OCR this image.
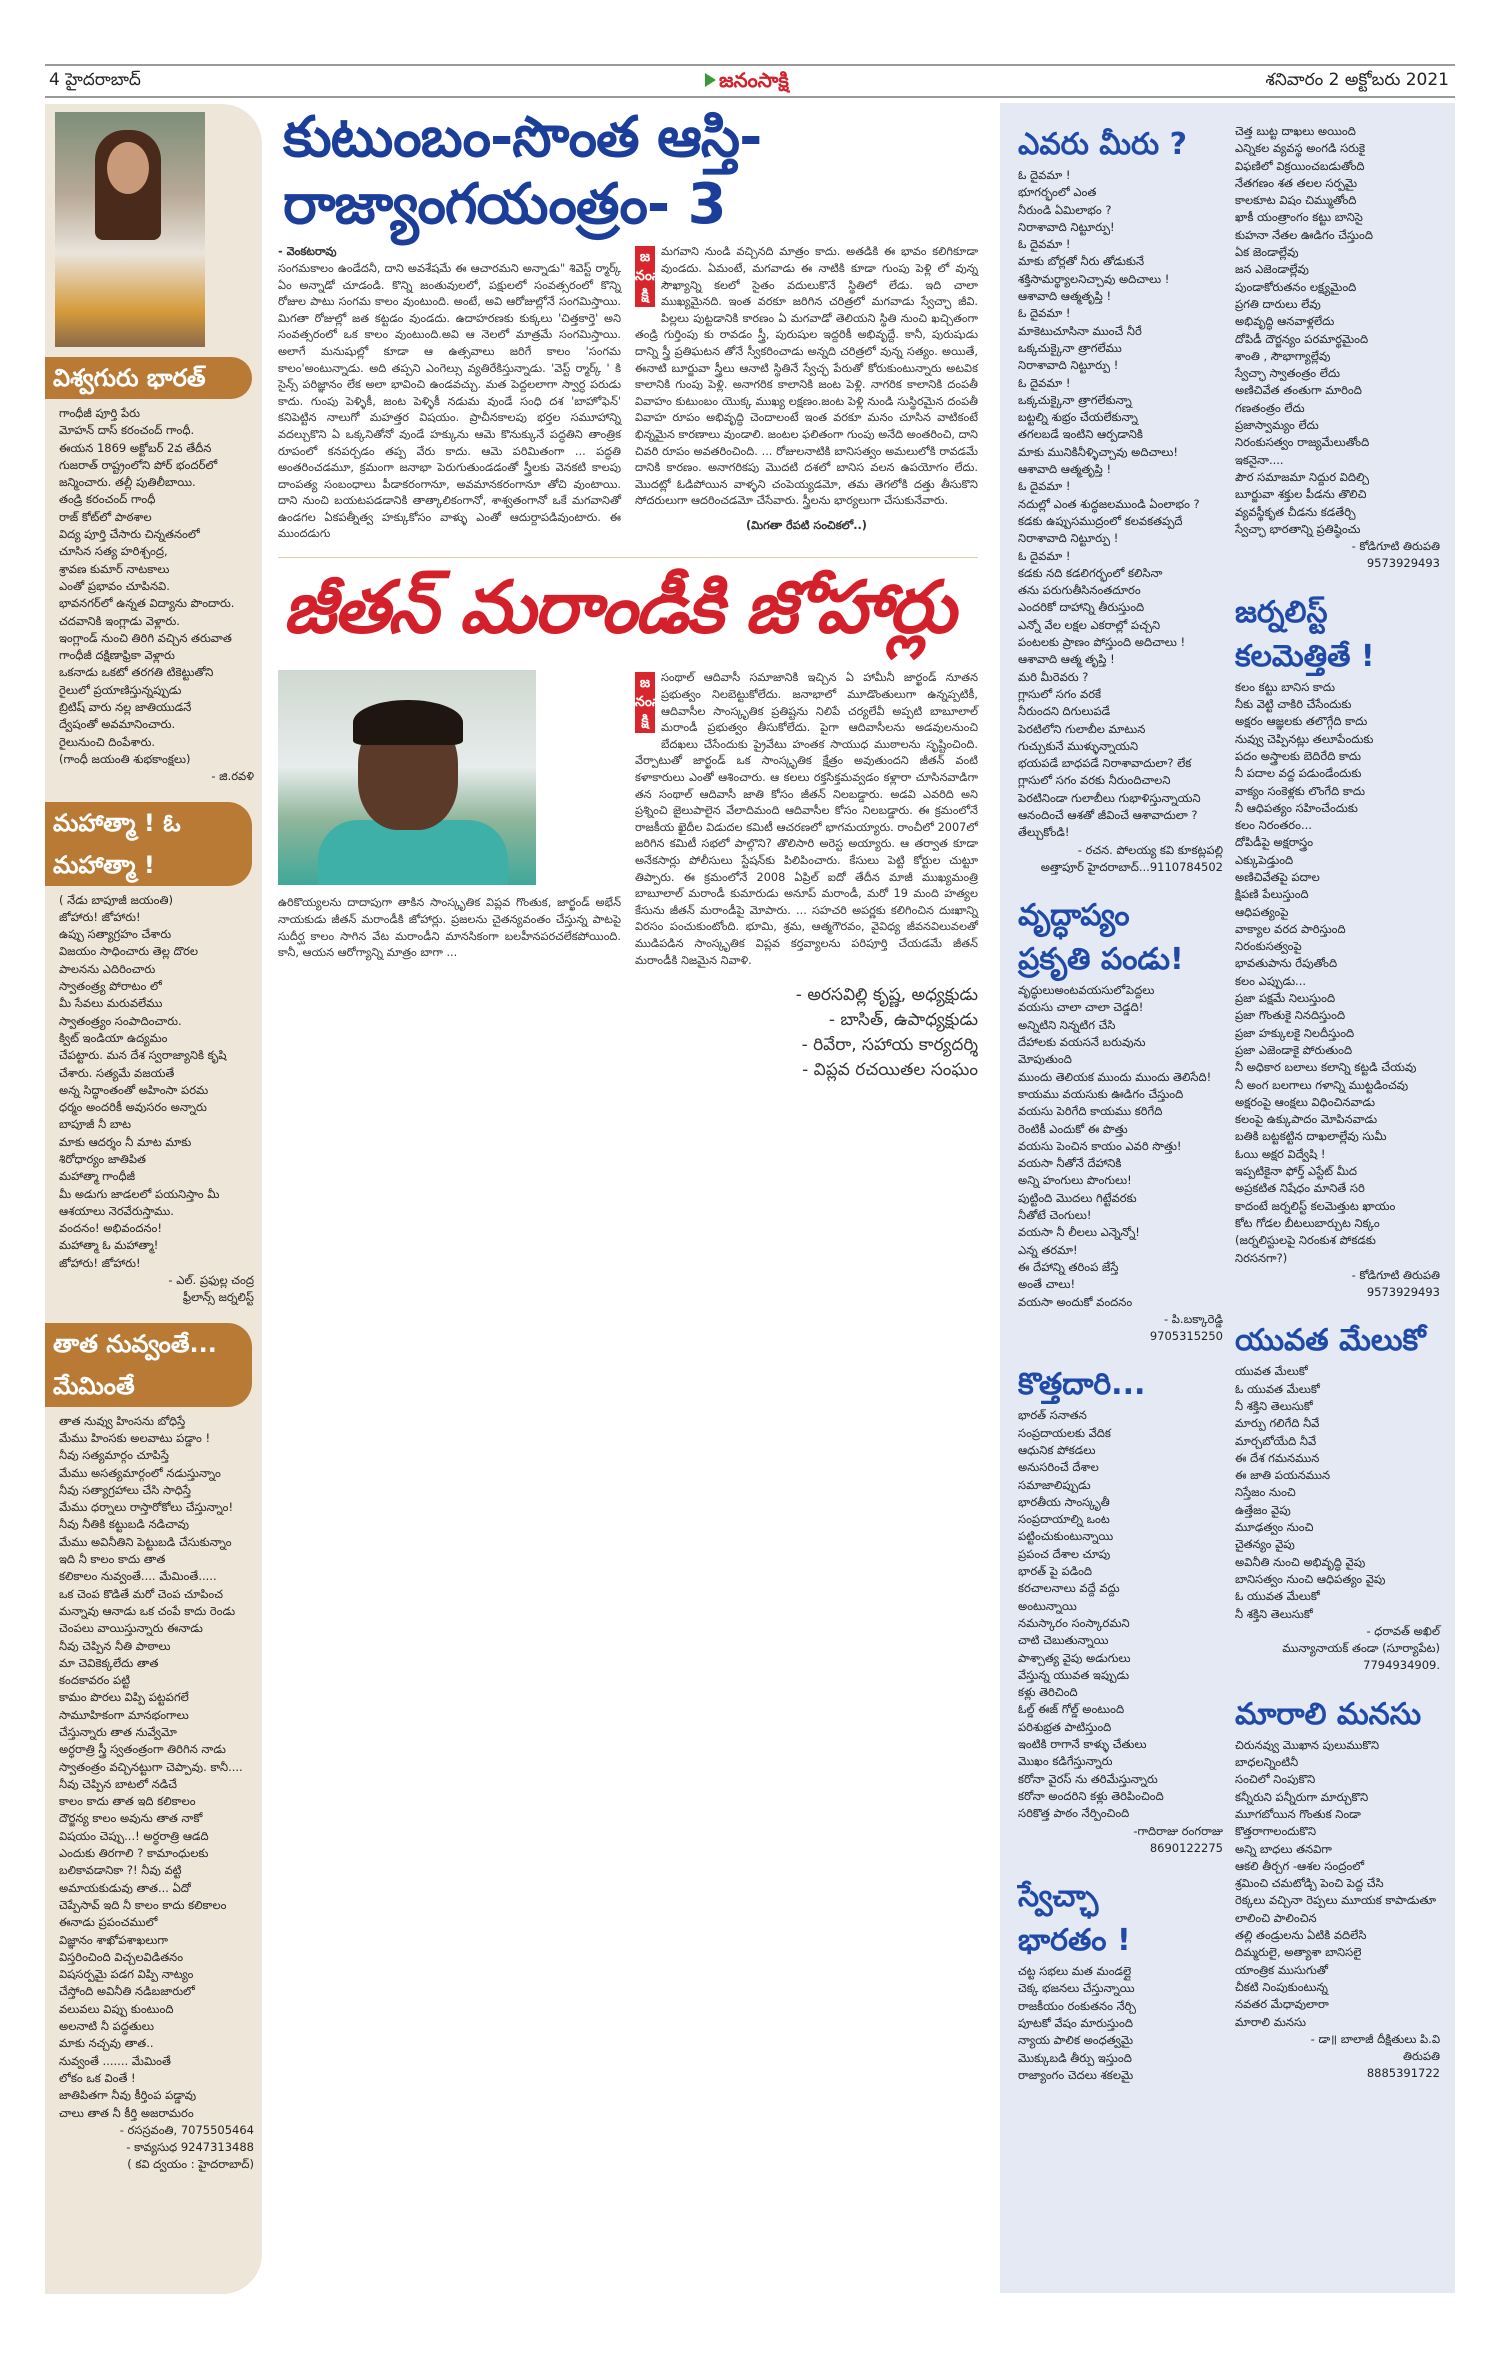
4 హైదరాబాద్	జనంసాక్షి	శనివారం 2 అక్టోబరు 2021
విశ్వగురు భారత్
గాంధీజీ పూర్తి పేరు
మోహన్ దాస్ కరంచంద్ గాంధీ.
ఈయన 1869 అక్టోబర్ 2వ తేదీన
గుజరాత్ రాష్ట్రంలోని పోర్ భందర్‌లో
జన్మించారు. తల్లీ పుతిలీబాయి.
తండ్రి కరంచంద్ గాంధీ
రాజ్ కోట్‌లో పాఠశాల
విద్య పూర్తి చేసారు చిన్నతనంలో
చూసిన సత్య హరిశ్చంద్ర,
శ్రావణ కుమార్ నాటకాలు
ఎంతో ప్రభావం చూపినవి.
భావనగర్‌లో ఉన్నత విద్యాను పొందారు.
చదవానికి ఇంగ్లాడు వెళ్లారు.
ఇంగ్లాండ్ నుంచి తిరిగి వచ్చిన తరువాత
గాంధీజీ దక్షిణాఫ్రికా వెళ్లారు
ఒకనాడు ఒకటో తరగతి టికెట్టుతోని
రైలులో ప్రయాణిస్తున్నప్పుడు
బ్రిటిష్ వారు నల్ల జాతియుడనే
ద్వేషంతో అవమానించారు.
రైలునుంచి దింపేశారు.
(గాంధీ జయంతి శుభకాంక్షలు)
- జి.రవళి
మహాత్మా ! ఓ మహాత్మా !
( నేడు బాపూజీ జయంతి)
జోహారు! జోహారు!
ఉప్పు సత్యాగ్రహం చేశారు
విజయం సాధించారు తెల్ల దొరల
పాలనను ఎదిరించారు
స్వాతంత్ర్య పోరాటం లో
మీ సేవలు మరువలేము
స్వాతంత్ర్యం సంపాదించారు.
క్విట్ ఇండియా ఉద్యమం
చేపట్టారు. మన దేశ స్వరాజ్యానికి కృషి
చేశారు. సత్యమే వజయతే
అన్న సిద్ధాంతంతో అహింసా పరమ
ధర్మం అందరికీ అవుసరం అన్నారు
బాపూజీ నీ బాట
మాకు ఆదర్శం నీ మాట మాకు
శిరోధార్యం జాతిపిత
మహాత్మా గాంధీజీ
మీ అడుగు జాడలలో పయనిస్తాం మీ
ఆశయాలు నెరవేరుస్తాము.
వందనం! అభివందనం!
మహాత్మా ఓ మహాత్మా!
జోహారు! జోహారు!
- ఎల్. ప్రఫుల్ల చంద్ర
ఫ్రీలాన్స్ జర్నలిస్ట్
తాత నువ్వంతే... మేమింతే
తాత నువ్వు హింసను బోధిస్తే
మేము హింసకు అలవాటు పడ్డాం !
నీవు సత్యమార్గం చూపిస్తే
మేము అసత్యమార్గంలో నడుస్తున్నాం
నీవు సత్యాగ్రహాలు చేసి సాధిస్తే
మేము ధర్నాలు రాస్తారోకోలు చేస్తున్నాం!
నీవు నీతికి కట్టుబడి నడిచావు
మేము అవినీతిని పెట్టుబడి చేసుకున్నాం
ఇది నీ కాలం కాదు తాత
కలికాలం నువ్వంతే.... మేమింతే.....
ఒక చెంప కొడితే మరో చెంప చూపించ
మన్నావు ఆనాడు ఒక చంపే కాదు రెండు
చెంపలు వాయిస్తున్నారు ఈనాడు
నీవు చెప్పిన నీతి పాఠాలు
మా చెవికెక్కలేదు తాత
కందకావరం పట్టి
కామం పొరలు విప్పి పట్టపగలే
సామూహికంగా మానభంగాలు
చేస్తున్నారు తాత నువ్వేమో
అర్ధరాత్రి స్త్రీ స్వతంత్రంగా తిరిగిన నాడు
స్వాతంత్రం వచ్చినట్టుగా చెప్పావు. కానీ....
నీవు చెప్పిన బాటలో నడిచే
కాలం కాదు తాత ఇది కలికాలం
దౌర్జన్య కాలం అవును తాత నాకో
విషయం చెప్పు...! అర్ధరాత్రి ఆడది
ఎందుకు తిరగాలి ? కామాంధులకు
బలికావడానికా ?! నీవు వట్టి
అమాయకుడువు తాత... ఏదో
చెప్పేసావ్ ఇది నీ కాలం కాదు కలికాలం
ఈనాడు ప్రపంచములో
విజ్ఞానం శాఖోపశాఖలుగా
విస్తరించింది విచ్చలవిడితనం
విషసర్పమై పడగ విప్పి నాట్యం
చేస్తోంది అవినీతి నడిబజారులో
వలువలు విప్పు కుంటుంది
అలనాటి నీ పద్ధతులు
మాకు నచ్చవు తాత..
నువ్వంతే ....... మేమింతే
లోకం ఒక వింతే !
జాతిపితగా నీవు కీర్తింప పడ్డావు
చాలు తాత నీ కీర్తి అజరామరం
- రసస్రవంతి, 7075505464
- కావ్యసుధ 9247313488
( కవి ద్వయం : హైదరాబాద్)
కుటుంబం-సొంత ఆస్తి- రాజ్యాంగయంత్రం- 3
- వెంకటరావు
సంగమకాలం ఉండేదనీ, దాని అవశేషమే ఈ ఆచారమని అన్నాడు" శివెస్ట్ ర్మార్క్ ఏం అన్నాడో చూడండి. కొన్ని జంతువులలో, పక్షులలో సంవత్సరంలో కొన్ని రోజుల పాటు సంగమ కాలం వుంటుంది. అంటే, అవి ఆరోజుల్లోనే సంగమిస్తాయి. మిగతా రోజుల్లో జత కట్టడం వుండదు. ఉదాహరణకు కుక్కలు 'చిత్తకార్తె' అని సంవత్సరంలో ఒక కాలం వుంటుంది.అవి ఆ నెలలో మాత్రమే సంగమిస్తాయి. అలాగే మనుషుల్లో కూడా ఆ ఉత్సవాలు జరిగే కాలం 'సంగమ కాలం'అంటున్నాడు. అది తప్పని ఎంగెల్సు వ్యతిరేకిస్తున్నాడు. 'వెస్ట్ ర్మార్క్ ' కి సైన్స్ పరిజ్ఞానం లేక అలా భావించి ఉండవచ్చు. మత పెద్దలలాగా స్వార్ధ పరుడు కాదు. గుంపు పెళ్ళికీ, జంట పెళ్ళికీ నడుమ వుండే సంధి దశ 'బాహోఫెన్' కనిపెట్టిన నాలుగో మహత్తర విషయం. ప్రాచీనకాలపు భర్తల సమూహాన్ని వదల్చుకొని ఏ ఒక్కనితోనో వుండే హక్కును ఆమె కొనుక్కునే పద్ధతిని తాంత్రిక రూపంలో కనపర్చడం తప్ప వేరు కాదు. ఆమె పరిమితంగా ... పద్ధతి అంతరించడమూ, క్రమంగా జనాభా పెరుగుతుండడంతో స్త్రీలకు వెనకటి కాలపు దాంపత్య సంబంధాలు పీడాకరంగానూ, అవమానకరంగానూ తోచి వుంటాయి. దాని నుంచి బయటపడడానికి తాత్కాలికంగానో, శాశ్వతంగానో ఒకే మగవానితో ఉండగల ఏకపత్నీత్వ హక్కుకోసం వాళ్ళు ఎంతో ఆదుర్దాపడివుంటారు. ఈ ముందడుగు
జనంసాక్షి
మగవాని నుండి వచ్చినది మాత్రం కాదు. అతడికి ఈ భావం కలిగికూడా వుండదు. ఏమంటే, మగవాడు ఈ నాటికి కూడా గుంపు పెళ్లి లో వున్న సౌఖ్యాన్ని కలలో సైతం వదులుకొనే స్థితిలో లేడు. ఇది చాలా ముఖ్యమైనది. ఇంత వరకూ జరిగిన చరిత్రలో మగవాడు స్వేచ్ఛా జీవి. పిల్లలు పుట్టడానికి కారణం ఏ మగవాడో తెలియని స్థితి నుంచి ఖచ్చితంగా తండ్రి గుర్తింపు కు రావడం స్త్రీ, పురుషుల ఇద్దరికీ అభివృద్దే. కానీ, పురుషుడు దాన్ని స్త్రీ ప్రతిఘటన తోనే స్వీకరించాడు అన్నది చరిత్రలో వున్న సత్యం. అయితే, ఈనాటి బూర్జువా స్త్రీలు ఆనాటి స్థితినే స్వేచ్ఛ పేరుతో కోరుకుంటున్నారు అటవిక కాలానికి గుంపు పెళ్లి. అనాగరిక కాలానికి జంట పెళ్లి. నాగరిక కాలానికి దంపతీ వివాహం కుటుంబం యొక్క ముఖ్య లక్షణం.జంట పెళ్లి నుండి సుస్థిరమైన దంపతీ వివాహ రూపం అభివృద్ధి చెందాలంటే ఇంత వరకూ మనం చూసిన వాటికంటే భిన్నమైన కారణాలు వుండాలి. జంటల ఫలితంగా గుంపు అనేది అంతరించి, దాని చివరి రూపం అవతరించింది. ... రోజులనాటికి బానిసత్వం అమలులోకి రావడమే దానికి కారణం. అనాగరికపు మొదటి దశలో బానిస వలన ఉపయోగం లేదు. మొదట్లో ఓడిపోయిన వాళ్ళని చంపెయ్యడమో, తమ తెగలోకి దత్తు తీసుకొని సోదరులుగా ఆదరించడమో చేసేవారు. స్త్రీలను భార్యలుగా చేసుకునేవారు.
(మిగతా రేపటి సంచికలో..)
జీతన్ మరాండీకి జోహార్లు
ఉరికొయ్యలను దాదాపుగా తాకిన సాంస్కృతిక విప్లవ గొంతుక, జార్ఖండ్ అభేన్ నాయకుడు జీతన్ మరాండీకి జోహార్లు. ప్రజలను చైతన్యవంతం చేస్తున్న పాటపై సుదీర్ఘ కాలం సాగిన వేట మరాండీని మానసికంగా బలహీనపరచలేకపోయింది. కానీ, ఆయన ఆరోగ్యాన్ని మాత్రం బాగా ...
జనంసాక్షి
సంథాల్ ఆదివాసీ సమాజానికి ఇచ్చిన ఏ హామీనీ జార్ఖండ్ నూతన ప్రభుత్వం నిలబెట్టుకోలేదు. జనాభాలో మూడొంతులుగా ఉన్నప్పటికీ, ఆదివాసీల సాంస్కృతిక ప్రతిష్టను నిలిపే చర్యలేవీ అప్పటి బాబూలాల్ మరాండీ ప్రభుత్వం తీసుకోలేదు. పైగా ఆదివాసీలను అడవులనుంచి బేదఖలు చేసేందుకు ప్రైవేటు హంతక సాయుధ ముఠాలను సృష్టించింది. వేర్పాటుతో జార్ఖండ్ ఒక సాంస్కృతిక క్షేత్రం అవుతుందని జీతన్ వంటి కళాకారులు ఎంతో ఆశించారు. ఆ కలలు రక్తసిక్తమవ్వడం కళ్లారా చూసినవాడిగా తన సంథాల్ ఆదివాసీ జాతి కోసం జీతన్ నిలబడ్డారు. అడవి ఎవరిది అని ప్రశ్నించి జైలుపాలైన వేలాదిమంది ఆదివాసీల కోసం నిలబడ్డారు. ఈ క్రమంలోనే రాజకీయ ఖైదీల విడుదల కమిటీ ఆచరణలో భాగమయ్యారు. రాంచీలో 2007లో జరిగిన కమిటీ సభలో పాల్గొని? తొలిసారి అరెస్ట అయ్యారు. ఆ తర్వాత కూడా అనేకసార్లు పోలీసులు స్టేషన్‌కు పిలిపించారు. కేసులు పెట్టి కోర్టుల చుట్టూ తిప్పారు. ఈ క్రమంలోనే 2008 ఏప్రిల్ ఐదో తేదీన మాజీ ముఖ్యమంత్రి బాబూలాల్ మరాండీ కుమారుడు అనూప్ మరాండీ, మరో 19 మంది హత్యల కేసును జీతన్ మరాండీపై మోపారు. ... సహచరి అపర్ణకు కలిగించిన దుఃఖాన్ని విరసం పంచుకుంటోంది. భూమి, శ్రమ, ఆత్మగౌరవం, వైవిధ్య జీవనవిలువలతో ముడిపడిన సాంస్కృతిక విప్లవ కర్తవ్యాలను పరిపూర్తి చేయడమే జీతన్ మరాండీకి నిజమైన నివాళి.
- అరసవిల్లి కృష్ణ, అధ్యక్షుడు
- బాసిత్, ఉపాధ్యక్షుడు
- రివేరా, సహాయ కార్యదర్శి
- విప్లవ రచయితల సంఘం
ఎవరు మీరు ?
ఓ దైవమా !
భూగర్భంలో ఎంత
నీరుండి ఏమిలాభం ?
నిరాశావాది నిట్టూర్పు!
ఓ దైవమా !
మాకు బోర్లతో నీరు తోడుకునే
శక్తిసామర్థ్యాలనిచ్చావు అదిచాలు !
ఆశావాది ఆత్మతృప్తి !
ఓ దైవమా !
మాకెటుచూసినా ముంచే నీరే
ఒక్కచుక్కైనా త్రాగలేము
నిరాశావాది నిట్టూర్పు !
ఓ దైవమా !
ఒక్కచుక్కైనా త్రాగలేకున్నా
బట్టల్ని శుభ్రం చేయలేకున్నా
తగలబడే ఇంటిని ఆర్పడానికి
మాకు మునికినీళ్ళిచ్చావు అదిచాలు!
ఆశావాది ఆత్మతృప్తి !
ఓ దైవమా !
నదుల్లో ఎంత శుద్ధజలముండి ఏంలాభం ?
కడకు ఉప్పుసముద్రంలో కలవకతప్పదే
నిరాశావాది నిట్టూర్పు !
ఓ దైవమా !
కడకు నది కడలిగర్భంలో కలిసినా
తను పరుగుతీసినంతదూరం
ఎందరికో దాహాన్ని తీరుస్తుంది
ఎన్నో వేల లక్షల ఎకరాల్లో పచ్చని
పంటలకు ప్రాణం పోస్తుంది అదిచాలు !
ఆశావాది ఆత్మ తృప్తి !
మరి మీరెవరు ?
గ్లాసులో సగం వరకే
నీరుందని దిగులుపడే
పెరటిలోని గులాబీల మాటున
గుచ్చుకునే ముళ్ళున్నాయని
భయపడే బాధపడే నిరాశావాదులా? లేక
గ్లాసులో సగం వరకు నీరుందిచాలని
పెరటినిండా గులాబీలు గుభాళిస్తున్నాయని
ఆనందించే ఆశతో జీవించే ఆశావాదులా ?
తేల్చుకోండి!
- రచన. పోలయ్య కవి కూకట్లపల్లి
అత్తాపూర్ హైదరాబాద్...9110784502
వృద్ధాప్యం
ప్రకృతి పండు!
వృద్ధులుఅంటవయసులోపెద్దలు
వయసు చాలా చాలా చెడ్డది!
అన్నిటిని నిన్నటిగ చేసి
దేహాలకు వయసనే బరువును
మోపుతుంది
ముందు తెలియక ముందు ముందు తెలిసేది!
కాయము వయసుకు ఊడిగం చేస్తుంది
వయసు పెరిగేది కాయము కరిగేది
రెంటికీ ఎందుకో ఈ పొత్తు
వయసు పెంచిన కాయం ఎవరి సొత్తు!
వయసా నీతోనే దేహానికి
అన్ని హంగులు పొంగులు!
పుట్టింది మొదలు గిట్టేవరకు
నీతోటే చెంగులు!
వయసా నీ లీలలు ఎన్నెన్నో!
ఎన్న తరమా!
ఈ దేహాన్ని తరింప జేస్తే
అంతే చాలు!
వయసా అందుకో వందనం
- పి.బక్కారెడ్డి
9705315250
కొత్తదారి...
భారత్ సనాతన
సంప్రదాయలకు వేదిక
ఆధునిక పోకడలు
అనుసరించే దేశాల
సమాజాలిప్పుడు
భారతీయ సాంస్కృతీ
సంప్రదాయాల్ని ఒంట
పట్టించుకుంటున్నాయి
ప్రపంచ దేశాల చూపు
భారత్ పై పడింది
కరచాలనాలు వద్దే వద్దు
అంటున్నాయి
నమస్కారం సంస్కారమని
చాటి చెబుతున్నాయి
పాశ్చాత్య వైపు అడుగులు
వేస్తున్న యువత ఇప్పుడు
కళ్లు తెరిచింది
ఓల్డ్ ఈజ్ గోల్డ్ అంటుంది
పరిశుభ్రత పాటిస్తుంది
ఇంటికి రాగానే కాళ్ళు చేతులు
మొఖం కడిగేస్తున్నారు
కరోనా వైరస్ ను తరిమేస్తున్నారు
కరోనా అందరిని కళ్లు తెరిపించింది
సరికొత్త పాఠం నేర్పించింది
-గాదిరాజు రంగరాజు
8690122275
స్వేచ్ఛా
భారతం !
చట్ట సభలు మత మండల్లై
చెక్క భజనలు చేస్తున్నాయి
రాజకీయం రంకుతనం నేర్చి
పూటకో వేషం మారుస్తుంది
న్యాయ పాలిక అంధత్వమై
మొక్కుబడి తీర్పు ఇస్తుంది
రాజ్యాంగం చెదలు శకలమై
చెత్త బుట్ట దాఖలు అయింది
ఎన్నికల వ్యవస్థ అంగడి సరుకై
విఫణిలో విక్రయించబడుతోంది
నేతగణం శత తలల సర్పమై
కాలకూట విషం చిమ్ముతోంది
ఖాకీ యంత్రాంగం కట్టు బానిసై
కుహనా నేతల ఊడిగం చేస్తుంది
ఏక జెండాల్లేవు
జన ఎజెండాల్లేవు
పుండాకోరుతనం లక్ష్యమైంది
ప్రగతి దారులు లేవు
అభివృద్ధి ఆనవాళ్లలేదు
దోపిడీ దౌర్జన్యం పరమార్థమైంది
శాంతి , సౌభాగ్యాల్లేవు
స్వేచ్ఛా స్వాతంత్రం లేదు
అణిచివేత తంతుగా మారింది
గణతంత్రం లేదు
ప్రజాస్వామ్యం లేదు
నిరంకుసత్వం రాజ్యమేలుతోంది
ఇకనైనా....
పౌర సమాజమా నిద్దుర విదిల్చి
బూర్జువా శక్తుల పీడను తొలిచి
వ్యవస్థీకృత చీడను కడతేర్చి
స్వేచ్ఛా భారతాన్ని ప్రతిష్ఠించు
- కోడిగూటి తిరుపతి
9573929493
జర్నలిస్ట్
కలమెత్తితే !
కలం కట్టు బానిస కాదు
నీకు వెట్టి చాకిరి చేసేందుకు
అక్షరం ఆజ్ఞలకు తలొగ్గేది కాదు
నువ్వు చెప్పినట్లు తలూపేందుకు
పదం అస్త్రాలకు బెదిరేది కాదు
నీ పదాల వద్ద పడుండేందుకు
వాక్యం సంకెళ్లకు లొంగేది కాదు
నీ ఆధిపత్యం సహించేందుకు
కలం నిరంతరం...
దోపిడీపై అక్షరాస్త్రం
ఎక్కుపెడ్తుంది
అణిచివేతపై పదాల
క్షిపణి పేలుస్తుంది
ఆధిపత్యంపై
వాక్యాల వరద పారిస్తుంది
నిరంకుసత్వంపై
భావతుపాను రేపుతోంది
కలం ఎప్పుడు...
ప్రజా పక్షమే నిలుస్తుంది
ప్రజా గొంతుకై నినదిస్తుంది
ప్రజా హక్కులకై నిలదీస్తుంది
ప్రజా ఎజెండాకై పోరుతుంది
నీ అధికార బలాలు కలాన్ని కట్టడి చేయవు
నీ అంగ బలగాలు గళాన్ని ముట్టడించవు
అక్షరంపై ఆంక్షలు విధించినవాడు
కలంపై ఉక్కుపాదం మోపినవాడు
బతికి బట్టకట్టిన దాఖలాల్లేవు సుమీ
ఓయి అక్షర విద్వేషి !
ఇప్పటికైనా ఫోర్త్ ఎస్టేట్ మీద
అప్రకటిత నిషేధం మానితే సరి
కాదంటే జర్నలిస్ట్ కలమెత్తుట ఖాయం
కోట గోడల బీటలుబార్చుట నిక్కం
(జర్నలిస్టులపై నిరంకుశ పోకడకు
నిరసనగా?)
- కోడిగూటి తిరుపతి
9573929493
యువత మేలుకో
యువత మేలుకో
ఓ యువత మేలుకో
నీ శక్తిని తెలుసుకో
మార్పు గలిగేది నీవే
మార్చబోయేది నీవే
ఈ దేశ గమనమున
ఈ జాతి పయనమున
నిస్తేజం నుంచి
ఉత్తేజం వైపు
మూఢత్వం నుంచి
చైతన్యం వైపు
అవినీతి నుంచి అభివృద్ధి వైపు
బానిసత్వం నుంచి ఆధిపత్యం వైపు
ఓ యువత మేలుకో
నీ శక్తిని తెలుసుకో
- ధరావత్ అఖిల్
మున్యానాయక్ తండా (సూర్యాపేట)
7794934909.
మారాలి మనసు
చిరునవ్వు మొఖాన పులుముకొని
బాధలన్నింటినీ
సంచిలో నింపుకొని
కన్నీరుని పన్నీరుగా మార్చుకొని
మూగబోయిన గొంతుక నిండా
కొత్తరాగాలందుకొని
అన్ని బాధలు తనవిగా
ఆకలి తీర్చగ -ఆశల సంద్రంలో
శ్రమించి చమటోడ్చి పెంచి పెద్ద చేసి
రెక్కలు వచ్చినా రెప్పలు మూయక కాపాడుతూ
లాలించి పాలించిన
తల్లి తండ్రులను ఏటికి వదిలేసి
దిమ్మరులై, అత్యాశా బానిసలై
యాంత్రిక ముసుగుతో
చీకటి నింపుకుంటున్న
నవతర మేధావులారా
మారాలి మనసు
- డా॥ బాలాజీ దీక్షితులు పి.వి
తిరుపతి
8885391722
